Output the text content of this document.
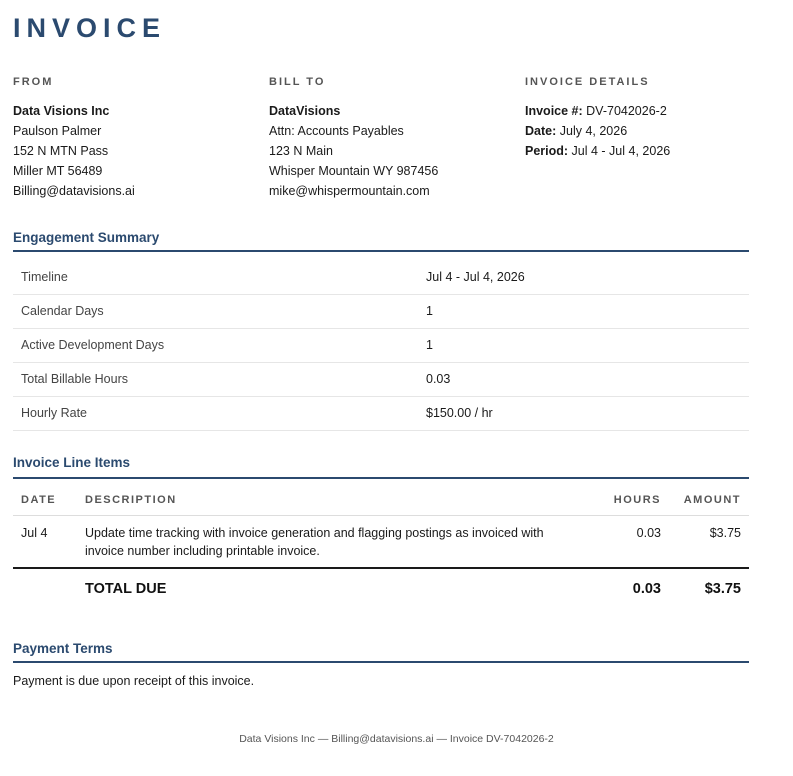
INVOICE
FROM
Data Visions Inc
Paulson Palmer
152 N MTN Pass
Miller MT 56489
Billing@datavisions.ai
BILL TO
DataVisions
Attn: Accounts Payables
123 N Main
Whisper Mountain WY 987456
mike@whispermountain.com
INVOICE DETAILS
Invoice #: DV-7042026-2
Date: July 4, 2026
Period: Jul 4 - Jul 4, 2026
Engagement Summary
Timeline	Jul 4 - Jul 4, 2026
Calendar Days	1
Active Development Days	1
Total Billable Hours	0.03
Hourly Rate	$150.00 / hr
Invoice Line Items
DATE	DESCRIPTION	HOURS AMOUNT
Jul 4	Update time tracking with invoice generation and flagging postings as invoiced with
invoice number including printable invoice.
0.03	$3.75
TOTAL DUE	0.03	$3.75
Payment Terms
Payment is due upon receipt of this invoice.
Data Visions Inc — Billing@datavisions.ai — Invoice DV-7042026-2
